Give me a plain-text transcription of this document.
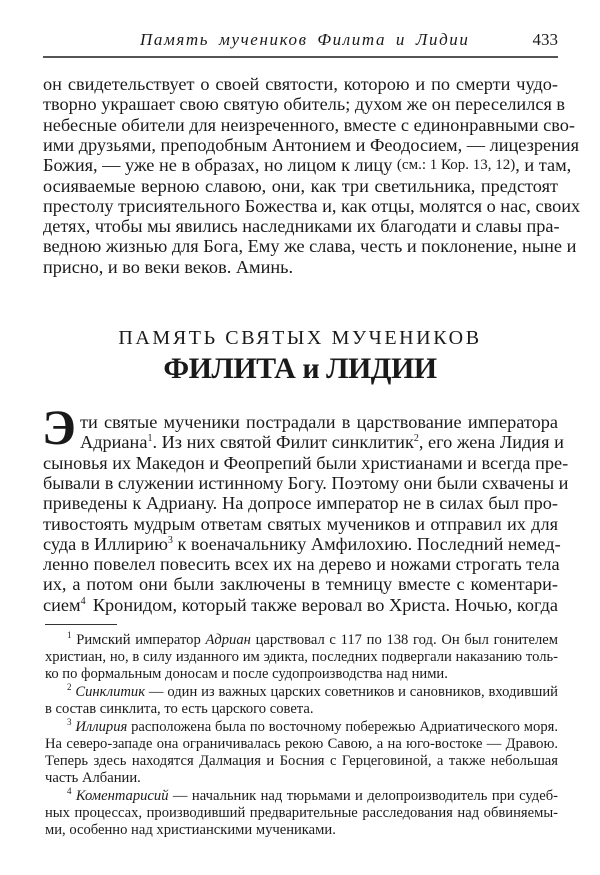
Память мучеников Филита и Лидии	433
он свидетельствует о своей святости, которою и по смерти чудо-
творно украшает свою святую обитель; духом же он переселился в
небесные обители для неизреченного, вместе с единонравными сво-
ими друзьями, преподобным Антонием и Феодосием, — лицезрения
Божия, — уже не в образах, но лицом к лицу (см.: 1 Кор. 13, 12) , и там,
осияваемые верною славою, они, как три светильника, предстоят
престолу трисиятельного Божества и, как отцы, молятся о нас, своих
детях, чтобы мы явились наследниками их благодати и славы пра-
ведною жизнью для Бога, Ему же слава, честь и поклонение, ныне и
присно, и во веки веков. Аминь.
ПАМЯТЬ СВЯТЫХ МУЧЕНИКОВ
ФИЛИТА и ЛИДИИ
Э ти святые мученики пострадали в царствование императора
Адриана$^1$. Из них святой Филит синклитик$^2$ , его жена Лидия и
сыновья их Македон и Феопрепий были христианами и всегда пре-
бывали в служении истинному Богу. Поэтому они были схвачены и
приведены к Адриану. На допросе император не в силах был про-
тивостоять мудрым ответам святых мучеников и отправил их для
суда в Иллирию$^3$ к военачальнику Амфилохию. Последний немед-
ленно повелел повесить всех их на дерево и ножами строгать тела
их, а потом они были заключены в темницу вместе с коментари-
сием$^4$ Кронидом, который также веровал во Христа. Ночью, когда
$^1$ Римский император Адриан царствовал с 117 по 138 год. Он был гонителем
христиан, но, в силу изданного им эдикта, последних подвергали наказанию толь-
ко по формальным доносам и после судопроизводства над ними.
$^2$ Синклитик — один из важных царских советников и сановников, входивший
в состав синклита, то есть царского совета.
$^3$ Иллирия расположена была по восточному побережью Адриатического моря.
На северо-западе она ограничивалась рекою Савою, а на юго-востоке — Дравою.
Теперь здесь находятся Далмация и Босния с Герцеговиной, а также небольшая
часть Албании.
$^4$ Коментарисий — начальник над тюрьмами и делопроизводитель при судеб-
ных процессах, производивший предварительные расследования над обвиняемы-
ми, особенно над христианскими мучениками.
